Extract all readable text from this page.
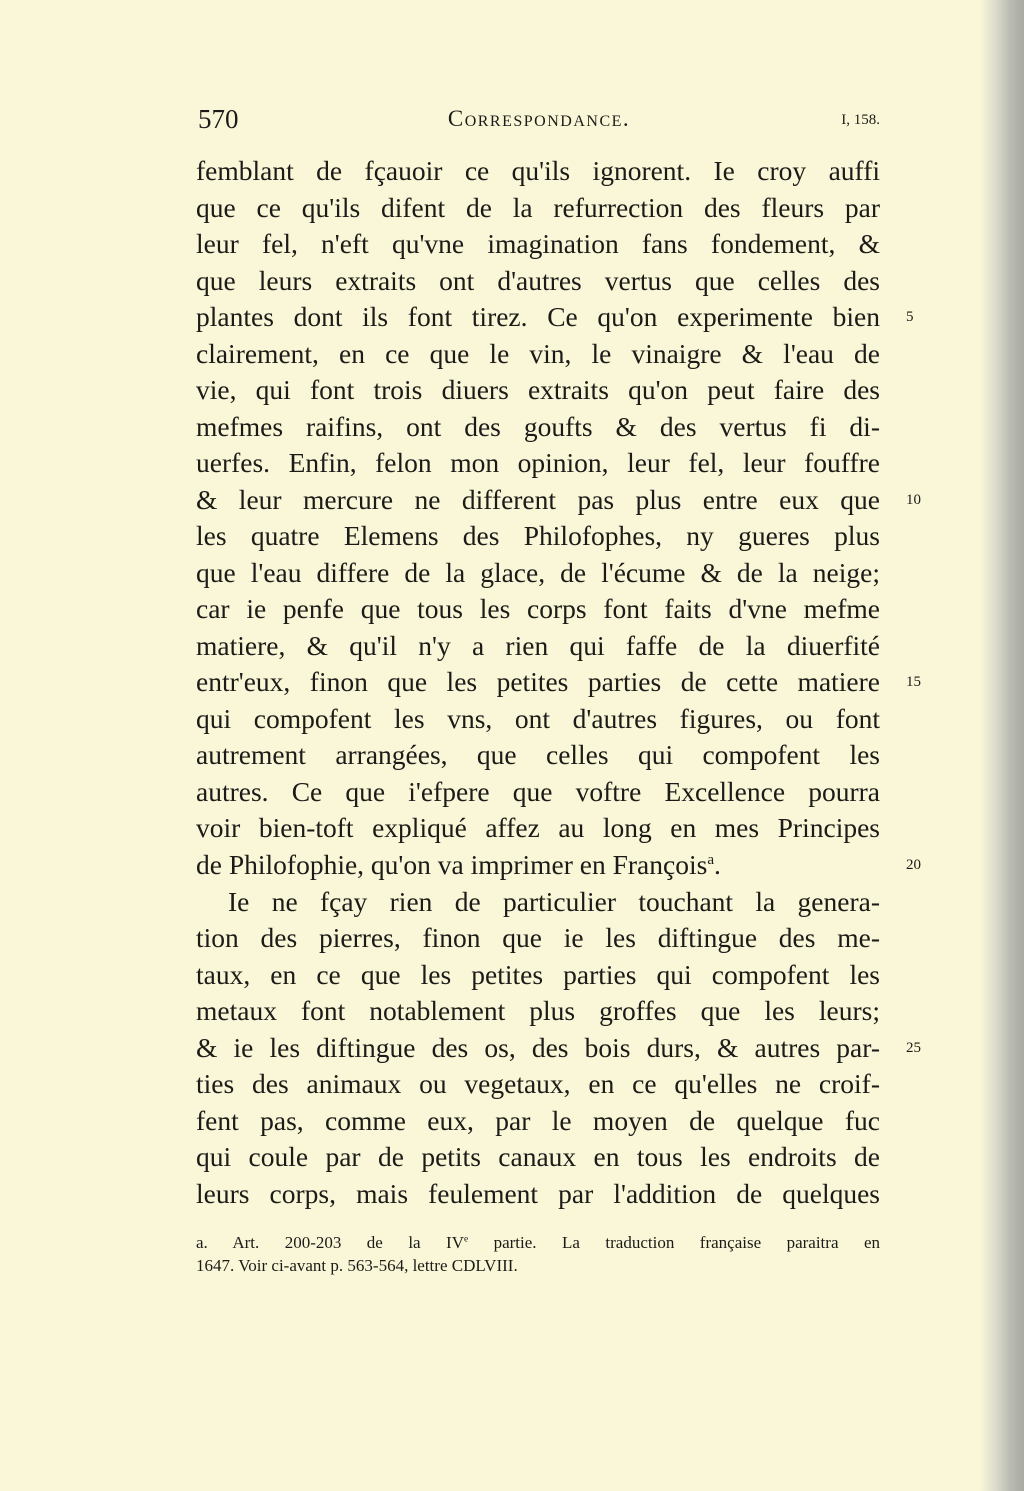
570	Correspondance.	I, 158.
femblant de fçauoir ce qu'ils ignorent. Ie croy auffi
que ce qu'ils difent de la refurrection des fleurs par
leur fel, n'eft qu'vne imagination fans fondement, &
que leurs extraits ont d'autres vertus que celles des
plantes dont ils font tirez. Ce qu'on experimente bien
clairement, en ce que le vin, le vinaigre & l'eau de
vie, qui font trois diuers extraits qu'on peut faire des
mefmes raifins, ont des goufts & des vertus fi di-
uerfes. Enfin, felon mon opinion, leur fel, leur fouffre
& leur mercure ne different pas plus entre eux que
les quatre Elemens des Philofophes, ny gueres plus
que l'eau differe de la glace, de l'écume & de la neige;
car ie penfe que tous les corps font faits d'vne mefme
matiere, & qu'il n'y a rien qui faffe de la diuerfité
entr'eux, finon que les petites parties de cette matiere
qui compofent les vns, ont d'autres figures, ou font
autrement arrangées, que celles qui compofent les
autres. Ce que i'efpere que voftre Excellence pourra
voir bien-toft expliqué affez au long en mes Principes
de Philofophie, qu'on va imprimer en François$^a$.
Ie ne fçay rien de particulier touchant la genera-
tion des pierres, finon que ie les diftingue des me-
taux, en ce que les petites parties qui compofent les
metaux font notablement plus groffes que les leurs;
& ie les diftingue des os, des bois durs, & autres par-
ties des animaux ou vegetaux, en ce qu'elles ne croif-
fent pas, comme eux, par le moyen de quelque fuc
qui coule par de petits canaux en tous les endroits de
leurs corps, mais feulement par l'addition de quelques
5
10
15
20
25
a. Art. 200-203 de la IVe partie. La traduction française paraitra en
1647. Voir ci-avant p. 563-564, lettre CDLVIII.
